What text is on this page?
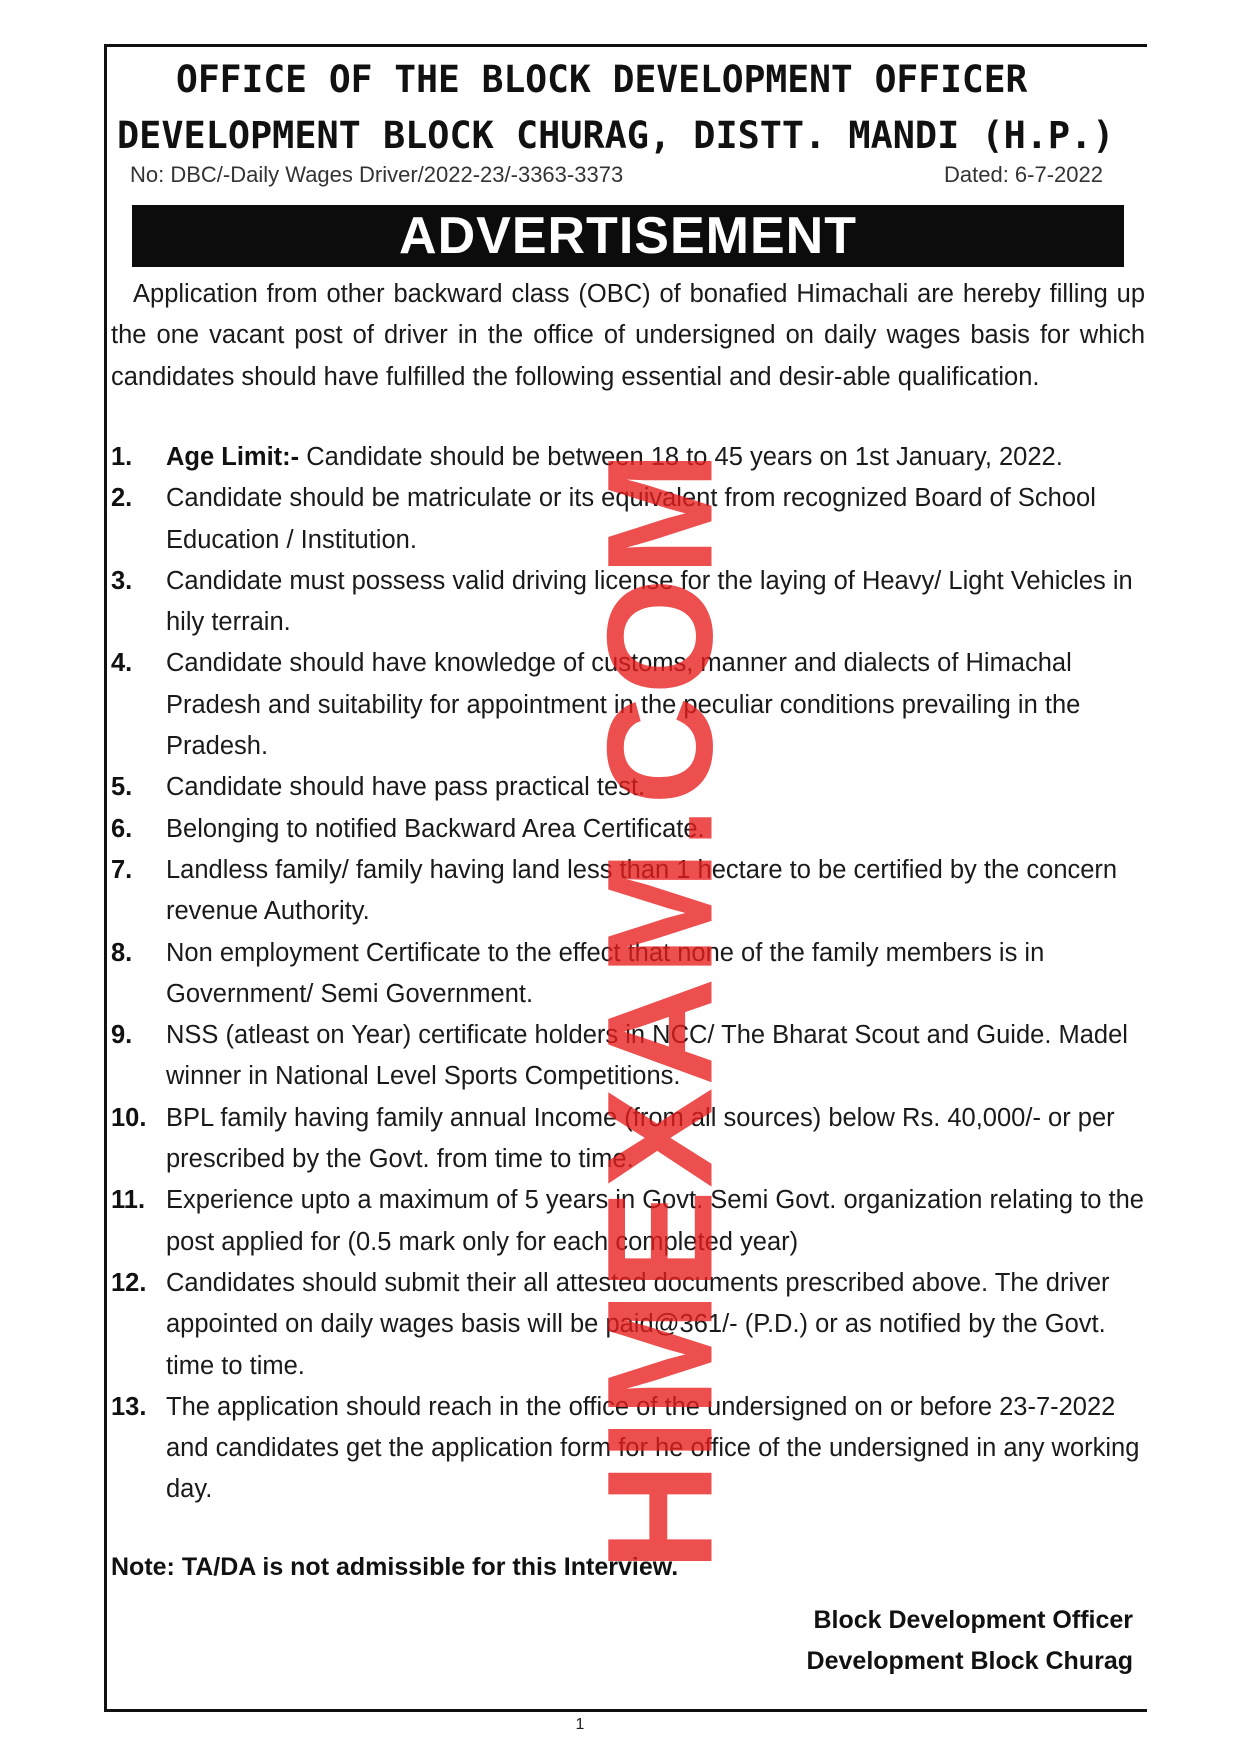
OFFICE OF THE BLOCK DEVELOPMENT OFFICER
DEVELOPMENT BLOCK CHURAG, DISTT. MANDI (H.P.)
No: DBC/-Daily Wages Driver/2022-23/-3363-3373	Dated: 6-7-2022
ADVERTISEMENT
Application from other backward class (OBC) of bonafied Himachali are hereby filling up the one vacant post of driver in the office of undersigned on daily wages basis for which candidates should have fulfilled the following essential and desir-able qualification.
1. Age Limit:- Candidate should be between 18 to 45 years on 1st January, 2022.
2. Candidate should be matriculate or its equivalent from recognized Board of School Education / Institution.
3. Candidate must possess valid driving license for the laying of Heavy/ Light Vehicles in hily terrain.
4. Candidate should have knowledge of customs, manner and dialects of Himachal Pradesh and suitability for appointment in the peculiar conditions prevailing in the Pradesh.
5. Candidate should have pass practical test.
6. Belonging to notified Backward Area Certificate.
7. Landless family/ family having land less than 1 hectare to be certified by the concern revenue Authority.
8. Non employment Certificate to the effect that none of the family members is in Government/ Semi Government.
9. NSS (atleast on Year) certificate holders in NCC/ The Bharat Scout and Guide. Madel winner in National Level Sports Competitions.
10. BPL family having family annual Income (from all sources) below Rs. 40,000/- or per prescribed by the Govt. from time to time.
11. Experience upto a maximum of 5 years in Govt. Semi Govt. organization relating to the post applied for (0.5 mark only for each completed year)
12. Candidates should submit their all attested documents prescribed above. The driver appointed on daily wages basis will be paid@361/- (P.D.) or as notified by the Govt. time to time.
13. The application should reach in the office of the undersigned on or before 23-7-2022 and candidates get the application form for he office of the undersigned in any working day.
Note: TA/DA is not admissible for this Interview.
Block Development Officer
Development Block Churag
1
HIMEXAM.COM
